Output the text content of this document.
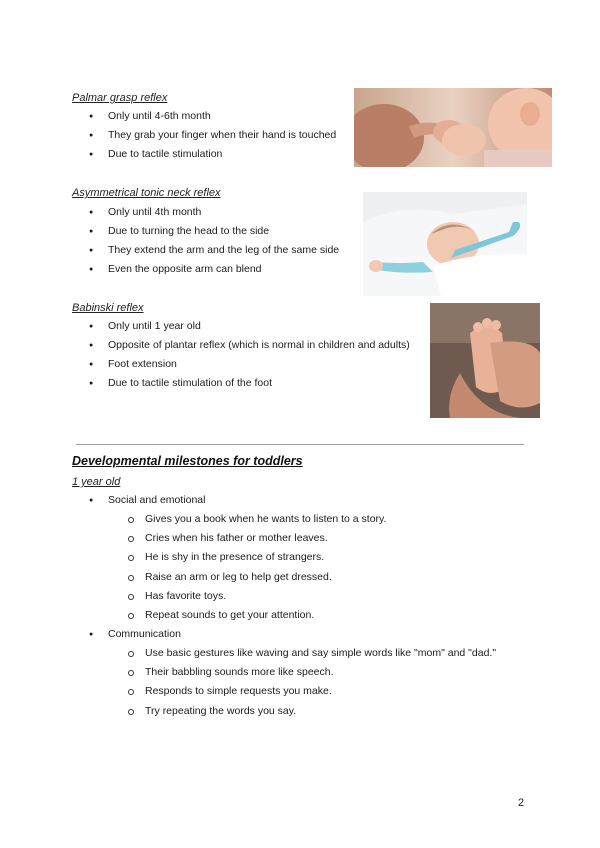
Palmar grasp reflex

● Only until 4-6th month
● They grab your finger when their hand is touched
● Due to tactile stimulation

Asymmetrical tonic neck reflex

● Only until 4th month
● Due to turning the head to the side
● They extend the arm and the leg of the same side
● Even the opposite arm can blend

Babinski reflex

● Only until 1 year old
● Opposite of plantar reflex (which is normal in children and adults)
● Foot extension
● Due to tactile stimulation of the foot

Developmental milestones for toddlers

1 year old

● Social and emotional
Gives you a book when he wants to listen to a story.
Cries when his father or mother leaves.
He is shy in the presence of strangers.
Raise an arm or leg to help get dressed.
Has favorite toys.
Repeat sounds to get your attention.
● Communication
Use basic gestures like waving and say simple words like "mom" and "dad."
Their babbling sounds more like speech.
Responds to simple requests you make.
Try repeating the words you say.
2
